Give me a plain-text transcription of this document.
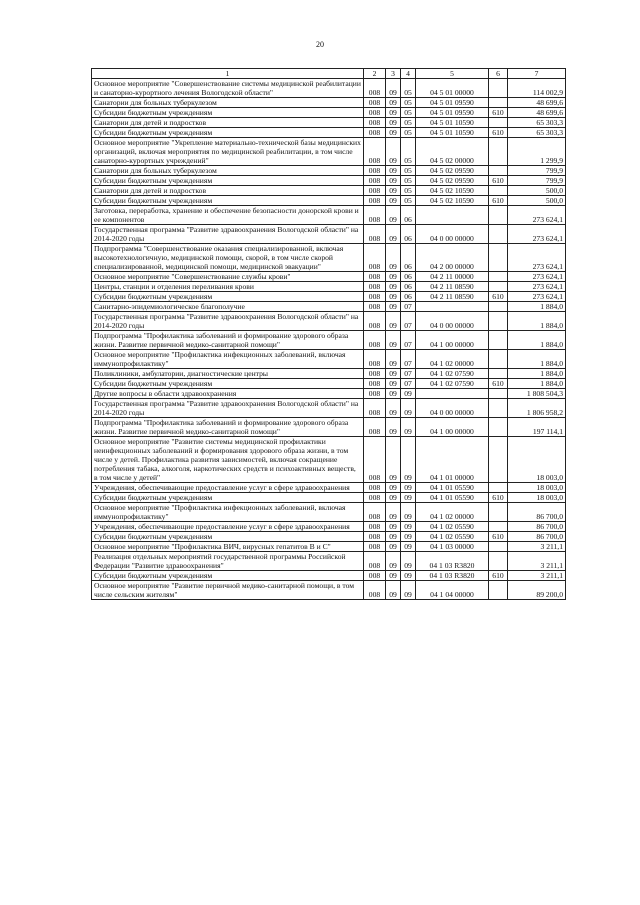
20
1	2	3	4	5	6	7
Основное мероприятие "Совершенствование системы медицинской реабилитации и санаторно-курортного лечения Вологодской области"	008	09	05	04 5 01 00000		114 002,9
Санатории для больных туберкулезом	008	09	05	04 5 01 09590		48 699,6
Субсидии бюджетным учреждениям	008	09	05	04 5 01 09590	610	48 699,6
Санатории для детей и подростков	008	09	05	04 5 01 10590		65 303,3
Субсидии бюджетным учреждениям	008	09	05	04 5 01 10590	610	65 303,3
Основное мероприятие "Укрепление материально-технической базы медицинских организаций, включая мероприятия по медицинской реабилитации, в том числе санаторно-курортных учреждений"	008	09	05	04 5 02 00000		1 299,9
Санатории для больных туберкулезом	008	09	05	04 5 02 09590		799,9
Субсидии бюджетным учреждениям	008	09	05	04 5 02 09590	610	799,9
Санатории для детей и подростков	008	09	05	04 5 02 10590		500,0
Субсидии бюджетным учреждениям	008	09	05	04 5 02 10590	610	500,0
Заготовка, переработка, хранение и обеспечение безопасности донорской крови и ее компонентов	008	09	06			273 624,1
Государственная программа "Развитие здравоохранения Вологодской области" на 2014-2020 годы	008	09	06	04 0 00 00000		273 624,1
Подпрограмма "Совершенствование оказания специализированной, включая высокотехнологичную, медицинской помощи, скорой, в том числе скорой специализированной, медицинской помощи, медицинской эвакуации"	008	09	06	04 2 00 00000		273 624,1
Основное мероприятие "Совершенствование службы крови"	008	09	06	04 2 11 00000		273 624,1
Центры, станции и отделения переливания крови	008	09	06	04 2 11 08590		273 624,1
Субсидии бюджетным учреждениям	008	09	06	04 2 11 08590	610	273 624,1
Санитарно-эпидемиологическое благополучие	008	09	07			1 884,0
Государственная программа "Развитие здравоохранения Вологодской области" на 2014-2020 годы	008	09	07	04 0 00 00000		1 884,0
Подпрограмма "Профилактика заболеваний и формирование здорового образа жизни. Развитие первичной медико-санитарной помощи"	008	09	07	04 1 00 00000		1 884,0
Основное мероприятие "Профилактика инфекционных заболеваний, включая иммунопрофилактику"	008	09	07	04 1 02 00000		1 884,0
Поликлиники, амбулатории, диагностические центры	008	09	07	04 1 02 07590		1 884,0
Субсидии бюджетным учреждениям	008	09	07	04 1 02 07590	610	1 884,0
Другие вопросы в области здравоохранения	008	09	09			1 808 504,3
Государственная программа "Развитие здравоохранения Вологодской области" на 2014-2020 годы	008	09	09	04 0 00 00000		1 806 958,2
Подпрограмма "Профилактика заболеваний и формирование здорового образа жизни. Развитие первичной медико-санитарной помощи"	008	09	09	04 1 00 00000		197 114,1
Основное мероприятие "Развитие системы медицинской профилактики неинфекционных заболеваний и формирования здорового образа жизни, в том числе у детей. Профилактика развития зависимостей, включая сокращение потребления табака, алкоголя, наркотических средств и психоактивных веществ, в том числе у детей"	008	09	09	04 1 01 00000		18 003,0
Учреждения, обеспечивающие предоставление услуг в сфере здравоохранения	008	09	09	04 1 01 05590		18 003,0
Субсидии бюджетным учреждениям	008	09	09	04 1 01 05590	610	18 003,0
Основное мероприятие "Профилактика инфекционных заболеваний, включая иммунопрофилактику"	008	09	09	04 1 02 00000		86 700,0
Учреждения, обеспечивающие предоставление услуг в сфере здравоохранения	008	09	09	04 1 02 05590		86 700,0
Субсидии бюджетным учреждениям	008	09	09	04 1 02 05590	610	86 700,0
Основное мероприятие "Профилактика ВИЧ, вирусных гепатитов В и С"	008	09	09	04 1 03 00000		3 211,1
Реализация отдельных мероприятий государственной программы Российской Федерации "Развитие здравоохранения"	008	09	09	04 1 03 R3820		3 211,1
Субсидии бюджетным учреждениям	008	09	09	04 1 03 R3820	610	3 211,1
Основное мероприятие "Развитие первичной медико-санитарной помощи, в том числе сельским жителям"	008	09	09	04 1 04 00000		89 200,0
